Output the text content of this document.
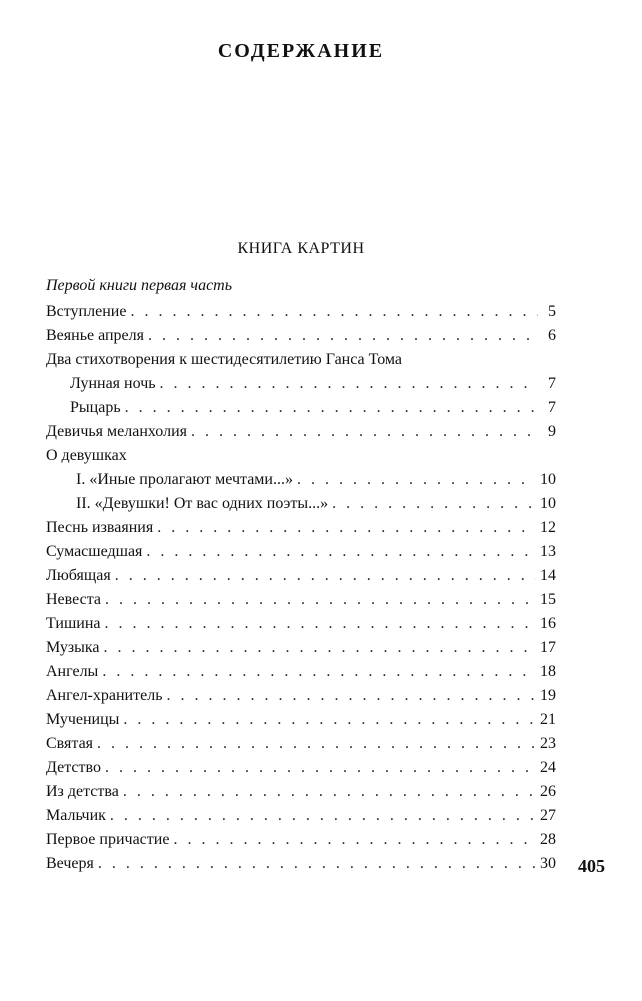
СОДЕРЖАНИЕ
КНИГА КАРТИН
Первой книги первая часть
Вступление . . .	5
Веянье апреля . . .	6
Два стихотворения к шестидесятилетию Ганса Тома
Лунная ночь . . .	7
Рыцарь . . .	7
Девичья меланхолия . . .	9
О девушках
I. «Иные пролагают мечтами...» . . .	10
II. «Девушки! От вас одних поэты...» . . .	10
Песнь изваяния . . .	12
Сумасшедшая . . .	13
Любящая . . .	14
Невеста . . .	15
Тишина . . .	16
Музыка . . .	17
Ангелы . . .	18
Ангел-хранитель . . .	19
Мученицы . . .	21
Святая . . .	23
Детство . . .	24
Из детства . . .	26
Мальчик . . .	27
Первое причастие . . .	28
Вечеря . . .	30 405
